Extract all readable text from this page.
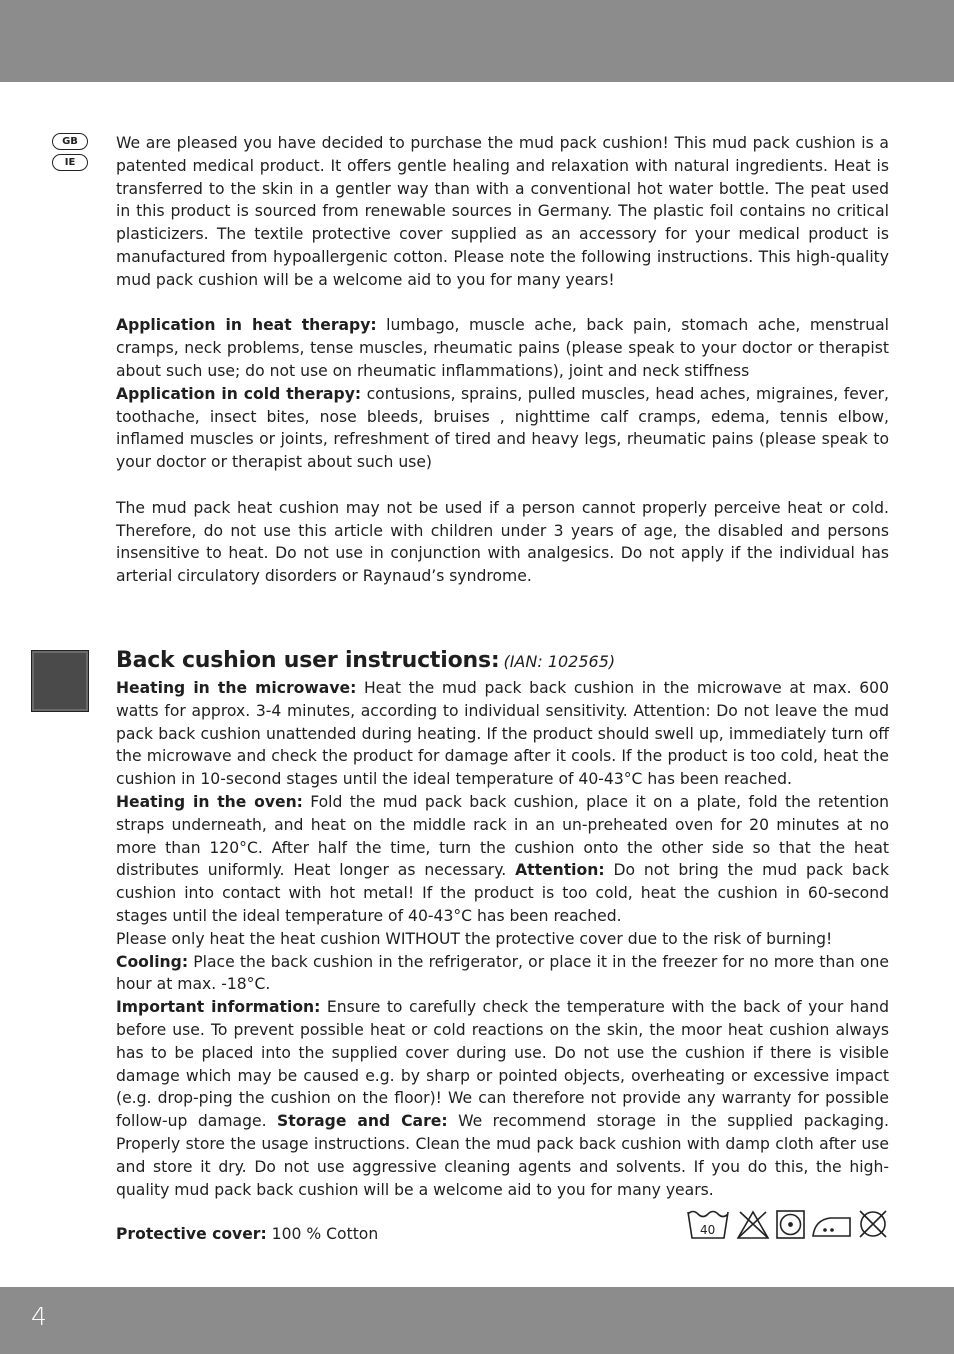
GB
IE

We are pleased you have decided to purchase the mud pack cushion! This mud pack cushion is a patented medical product. It offers gentle healing and relaxation with natural ingredients. Heat is transferred to the skin in a gentler way than with a conventional hot water bottle. The peat used in this product is sourced from renewable sources in Germany. The plastic foil contains no critical plasticizers. The textile protective cover supplied as an accessory for your medical product is manufactured from hypoallergenic cotton. Please note the following instructions. This high-quality mud pack cushion will be a welcome aid to you for many years!

Application in heat therapy: lumbago, muscle ache, back pain, stomach ache, menstrual cramps, neck problems, tense muscles, rheumatic pains (please speak to your doctor or therapist about such use; do not use on rheumatic inflammations), joint and neck stiffness

Application in cold therapy: contusions, sprains, pulled muscles, head aches, migraines, fever, toothache, insect bites, nose bleeds, bruises , nighttime calf cramps, edema, tennis elbow, inflamed muscles or joints, refreshment of tired and heavy legs, rheumatic pains (please speak to your doctor or therapist about such use)

The mud pack heat cushion may not be used if a person cannot properly perceive heat or cold. Therefore, do not use this article with children under 3 years of age, the disabled and persons insensitive to heat. Do not use in conjunction with analgesics. Do not apply if the individual has arterial circulatory disorders or Raynaud’s syndrome.

Back cushion user instructions: (IAN: 102565)

Heating in the microwave: Heat the mud pack back cushion in the microwave at max. 600 watts for approx. 3-4 minutes, according to individual sensitivity. Attention: Do not leave the mud pack back cushion unattended during heating. If the product should swell up, immediately turn off the microwave and check the product for damage after it cools. If the product is too cold, heat the cushion in 10-second stages until the ideal temperature of 40-43°C has been reached.

Heating in the oven: Fold the mud pack back cushion, place it on a plate, fold the retention straps underneath, and heat on the middle rack in an un-preheated oven for 20 minutes at no more than 120°C. After half the time, turn the cushion onto the other side so that the heat distributes uniformly. Heat longer as necessary. Attention: Do not bring the mud pack back cushion into contact with hot metal! If the product is too cold, heat the cushion in 60-second stages until the ideal temperature of 40-43°C has been reached.

Please only heat the heat cushion WITHOUT the protective cover due to the risk of burning!

Cooling: Place the back cushion in the refrigerator, or place it in the freezer for no more than one hour at max. -18°C.

Important information: Ensure to carefully check the temperature with the back of your hand before use. To prevent possible heat or cold reactions on the skin, the moor heat cushion always has to be placed into the supplied cover during use. Do not use the cushion if there is visible damage which may be caused e.g. by sharp or pointed objects, overheating or excessive impact (e.g. drop-ping the cushion on the floor)! We can therefore not provide any warranty for possible follow-up damage. Storage and Care: We recommend storage in the supplied packaging. Properly store the usage instructions. Clean the mud pack back cushion with damp cloth after use and store it dry. Do not use aggressive cleaning agents and solvents. If you do this, the high-quality mud pack back cushion will be a welcome aid to you for many years.

Protective cover: 100 % Cotton	40
4
